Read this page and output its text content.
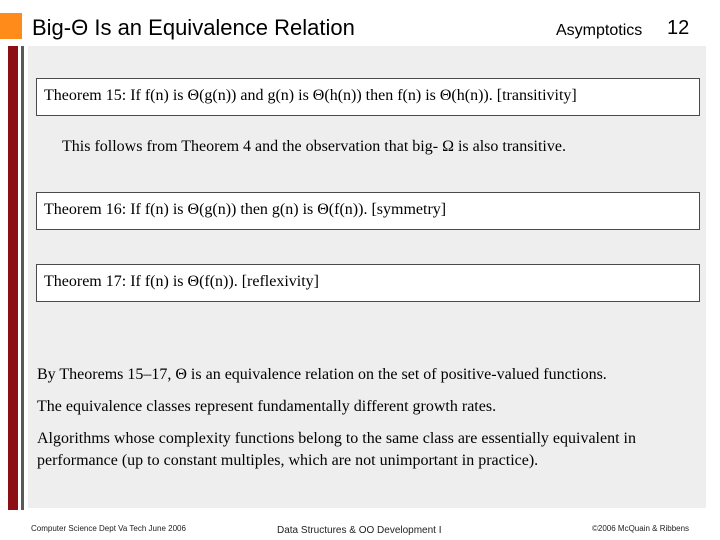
Big-Θ Is an Equivalence Relation	Asymptotics 12
Theorem 15: If f(n) is Θ(g(n)) and g(n) is Θ(h(n)) then f(n) is Θ(h(n)). [transitivity]
This follows from Theorem 4 and the observation that big- Ω is also transitive.
Theorem 16: If f(n) is Θ(g(n)) then g(n) is Θ(f(n)). [symmetry]
Theorem 17: If f(n) is Θ(f(n)). [reflexivity]
By Theorems 15–17, Θ is an equivalence relation on the set of positive-valued functions.
The equivalence classes represent fundamentally different growth rates.
Algorithms whose complexity functions belong to the same class are essentially equivalent in performance (up to constant multiples, which are not unimportant in practice).
Computer Science Dept Va Tech June 2006	Data Structures & OO Development I	©2006 McQuain & Ribbens
